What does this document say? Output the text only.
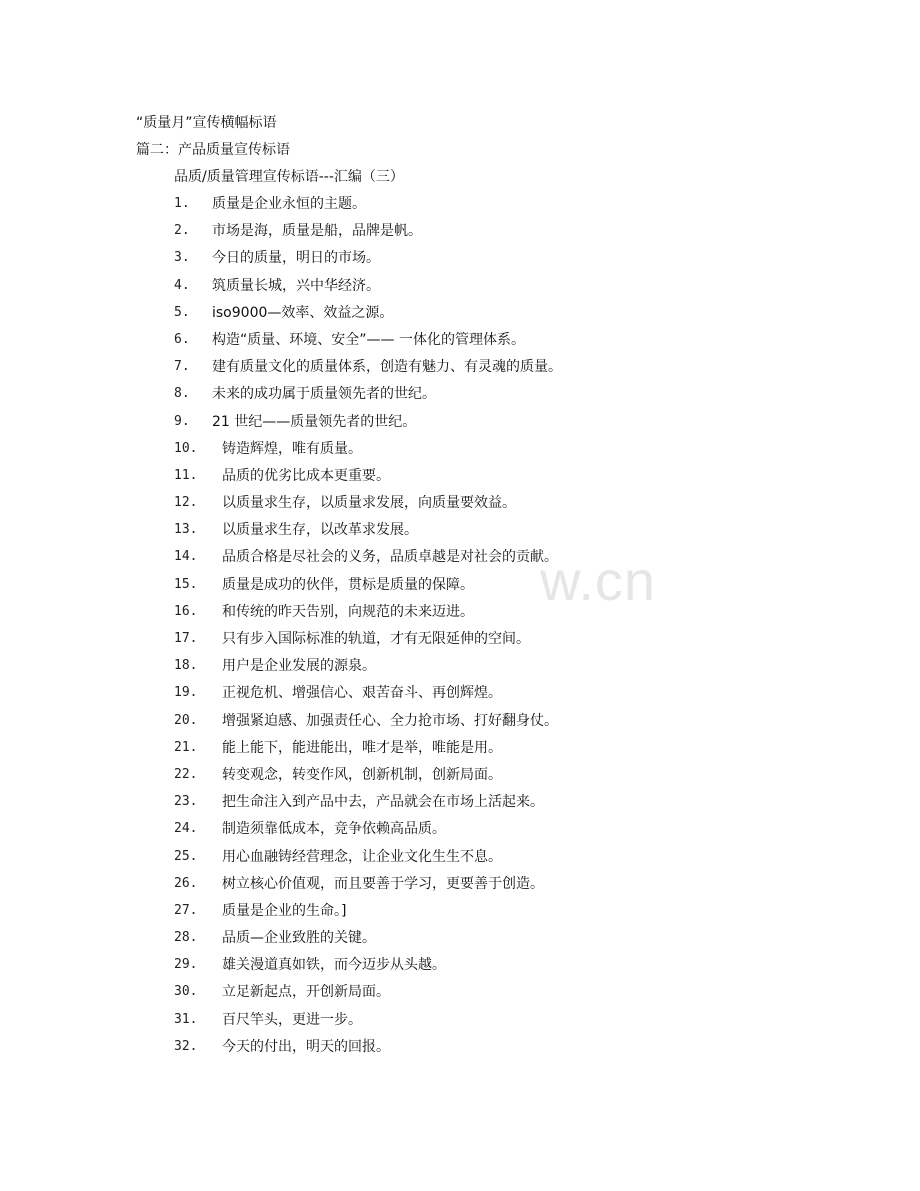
w.cn
“质量月”宣传横幅标语
篇二：产品质量宣传标语
品质/质量管理宣传标语---汇编（三）
1.	质量是企业永恒的主题。
2.	市场是海，质量是船，品牌是帆。
3.	今日的质量，明日的市场。
4.	筑质量长城，兴中华经济。
5.	iso9000—效率、效益之源。
6.	构造“质量、环境、安全”—— 一体化的管理体系。
7.	建有质量文化的质量体系，创造有魅力、有灵魂的质量。
8.	未来的成功属于质量领先者的世纪。
9.	21 世纪——质量领先者的世纪。
10.	铸造辉煌，唯有质量。
11.	品质的优劣比成本更重要。
12.	以质量求生存，以质量求发展，向质量要效益。
13.	以质量求生存，以改革求发展。
14.	品质合格是尽社会的义务，品质卓越是对社会的贡献。
15.	质量是成功的伙伴，贯标是质量的保障。
16.	和传统的昨天告别，向规范的未来迈进。
17.	只有步入国际标准的轨道，才有无限延伸的空间。
18.	用户是企业发展的源泉。
19.	正视危机、增强信心、艰苦奋斗、再创辉煌。
20.	增强紧迫感、加强责任心、全力抢市场、打好翻身仗。
21.	能上能下，能进能出，唯才是举，唯能是用。
22.	转变观念，转变作风，创新机制，创新局面。
23.	把生命注入到产品中去，产品就会在市场上活起来。
24.	制造须靠低成本，竞争依赖高品质。
25.	用心血融铸经营理念，让企业文化生生不息。
26.	树立核心价值观，而且要善于学习，更要善于创造。
27.	质量是企业的生命。]
28.	品质—企业致胜的关键。
29.	雄关漫道真如铁，而今迈步从头越。
30.	立足新起点，开创新局面。
31.	百尺竿头，更进一步。
32.	今天的付出，明天的回报。
